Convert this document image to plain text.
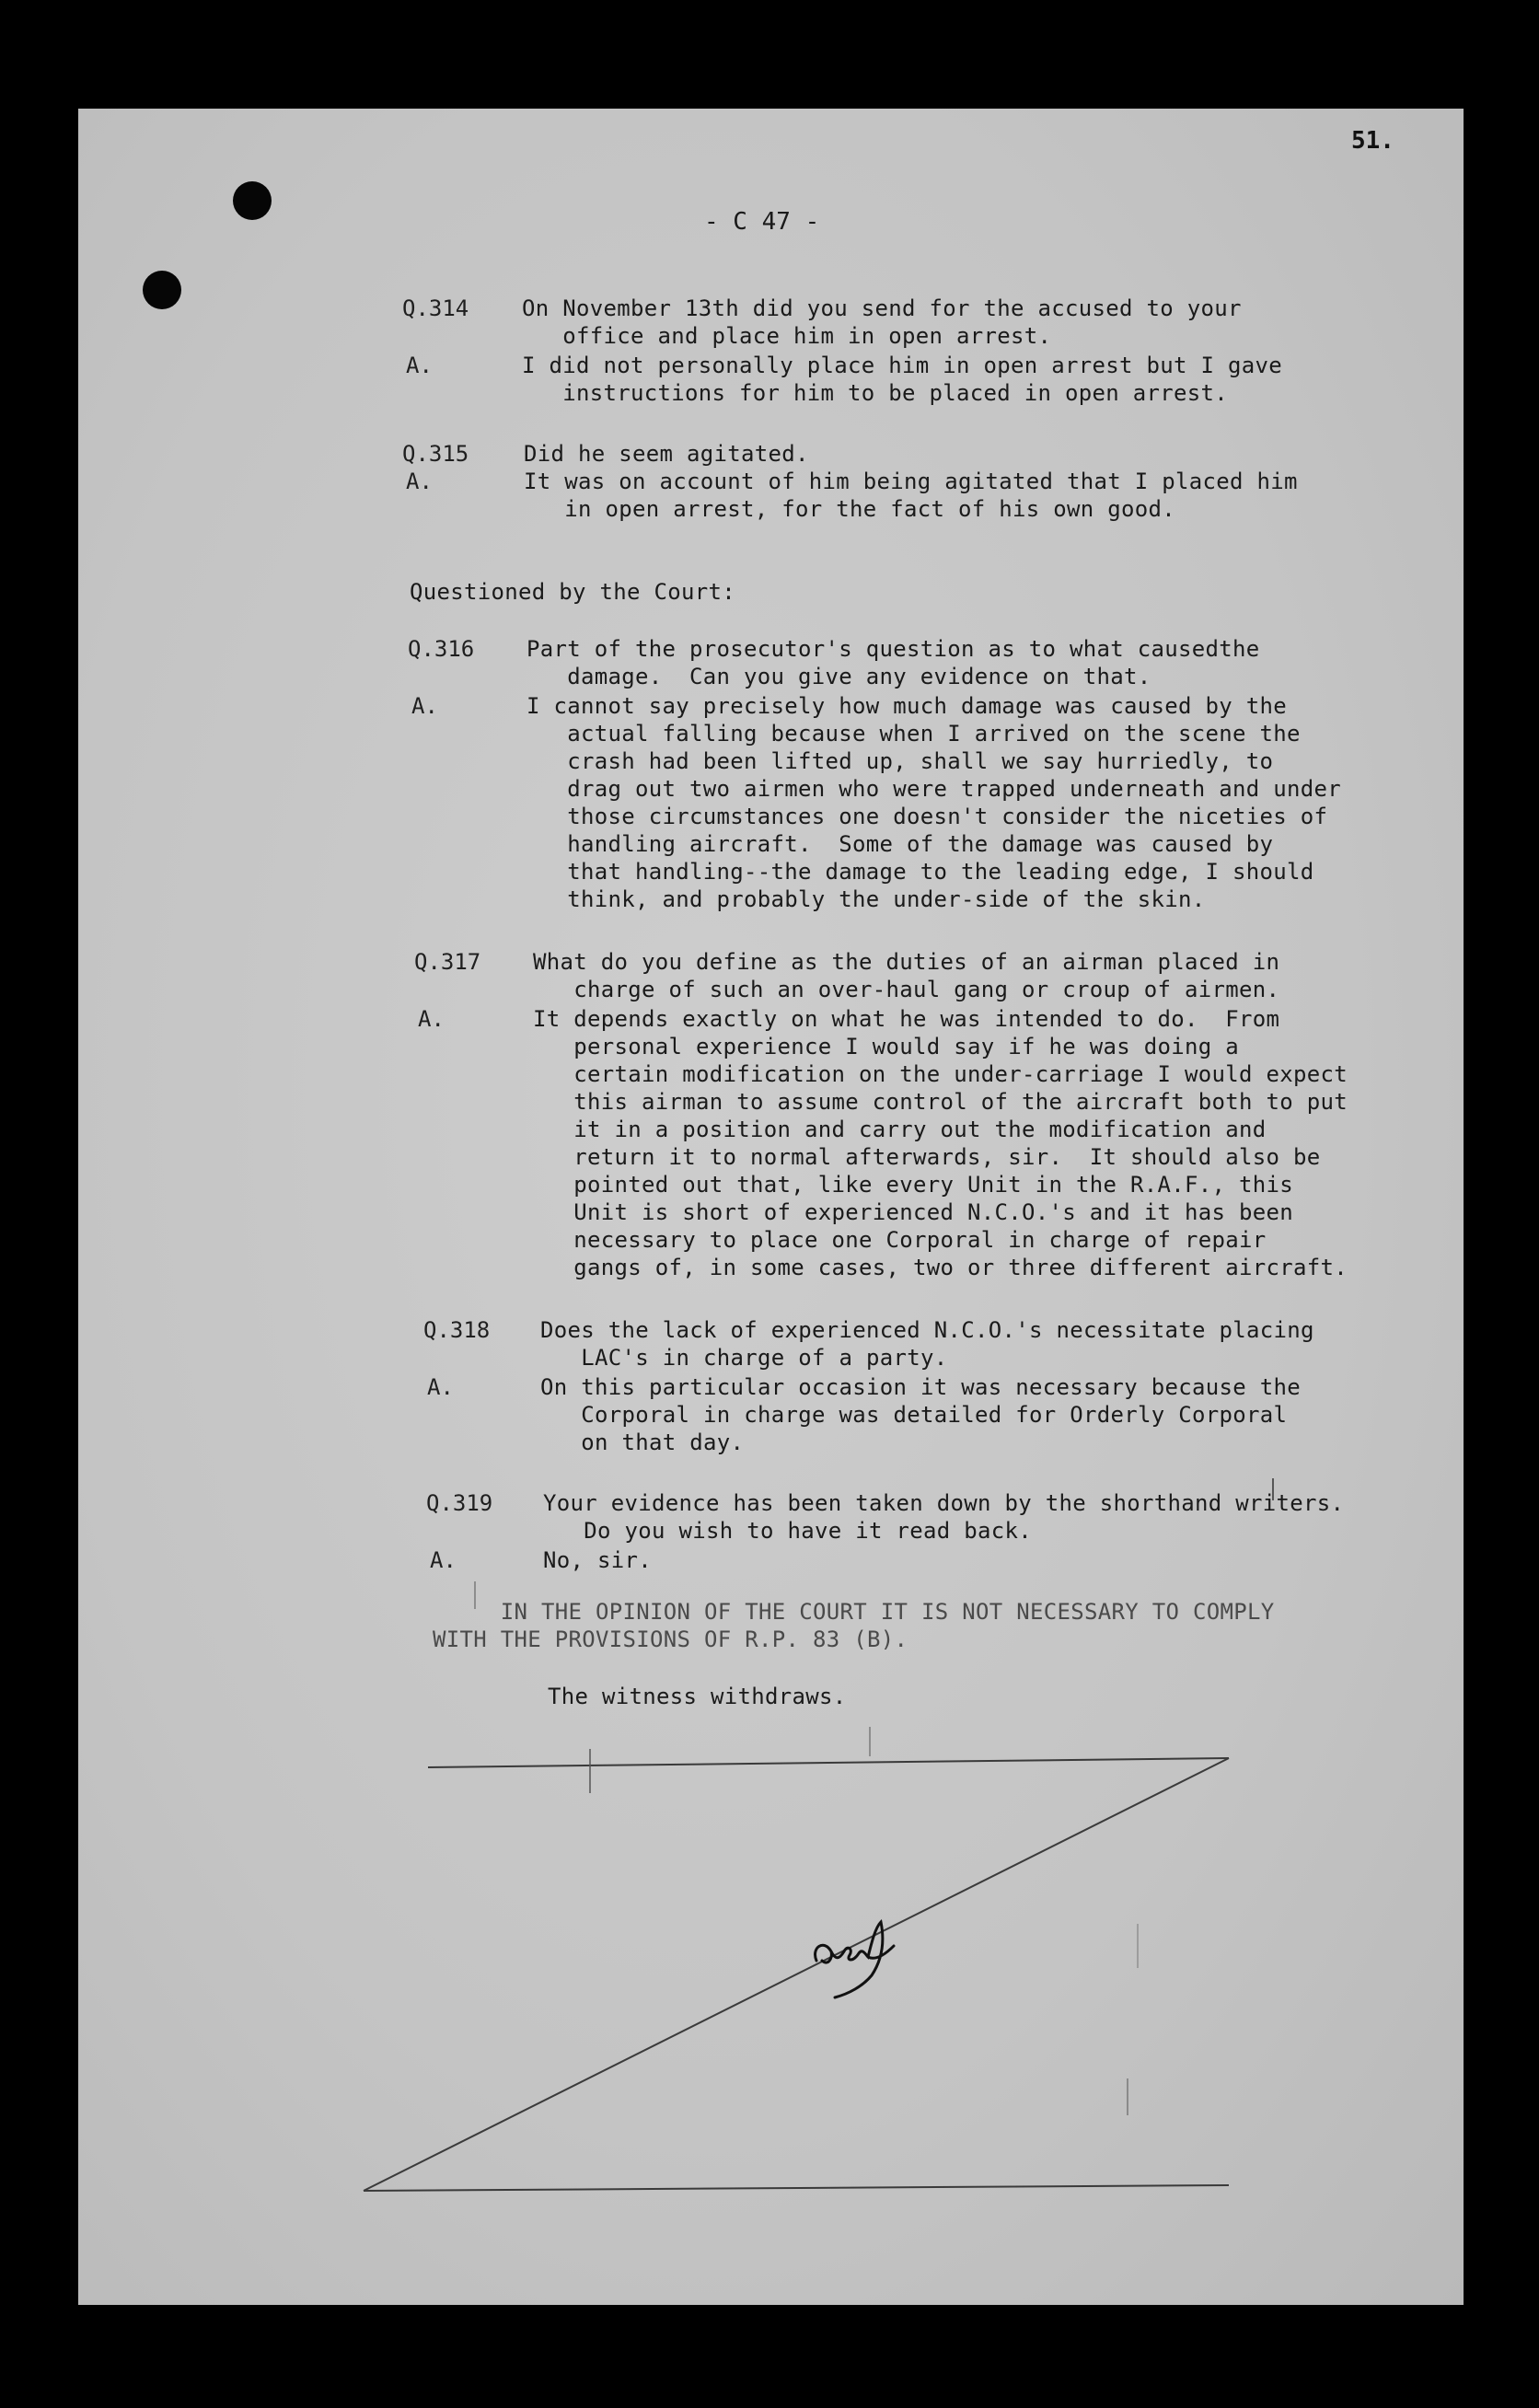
51.
- C 47 -
Q.314 On November 13th did you send for the accused to your
office and place him in open arrest.
A.	I did not personally place him in open arrest but I gave
instructions for him to be placed in open arrest.
Q.315 Did he seem agitated.
A.	It was on account of him being agitated that I placed him
in open arrest, for the fact of his own good.
Questioned by the Court:
Q.316 Part of the prosecutor's question as to what causedthe
damage.  Can you give any evidence on that.
A.	I cannot say precisely how much damage was caused by the
actual falling because when I arrived on the scene the
crash had been lifted up, shall we say hurriedly, to
drag out two airmen who were trapped underneath and under
those circumstances one doesn't consider the niceties of
handling aircraft.  Some of the damage was caused by
that handling--the damage to the leading edge, I should
think, and probably the under-side of the skin.
Q.317 What do you define as the duties of an airman placed in
charge of such an over-haul gang or croup of airmen.
A.	It depends exactly on what he was intended to do.  From
personal experience I would say if he was doing a
certain modification on the under-carriage I would expect
this airman to assume control of the aircraft both to put
it in a position and carry out the modification and
return it to normal afterwards, sir.  It should also be
pointed out that, like every Unit in the R.A.F., this
Unit is short of experienced N.C.O.'s and it has been
necessary to place one Corporal in charge of repair
gangs of, in some cases, two or three different aircraft.
Q.318 Does the lack of experienced N.C.O.'s necessitate placing
LAC's in charge of a party.
A.	On this particular occasion it was necessary because the
Corporal in charge was detailed for Orderly Corporal
on that day.
Q.319 Your evidence has been taken down by the shorthand writers.
Do you wish to have it read back.
A.	No, sir.
IN THE OPINION OF THE COURT IT IS NOT NECESSARY TO COMPLY
WITH THE PROVISIONS OF R.P. 83 (B).
The witness withdraws.
